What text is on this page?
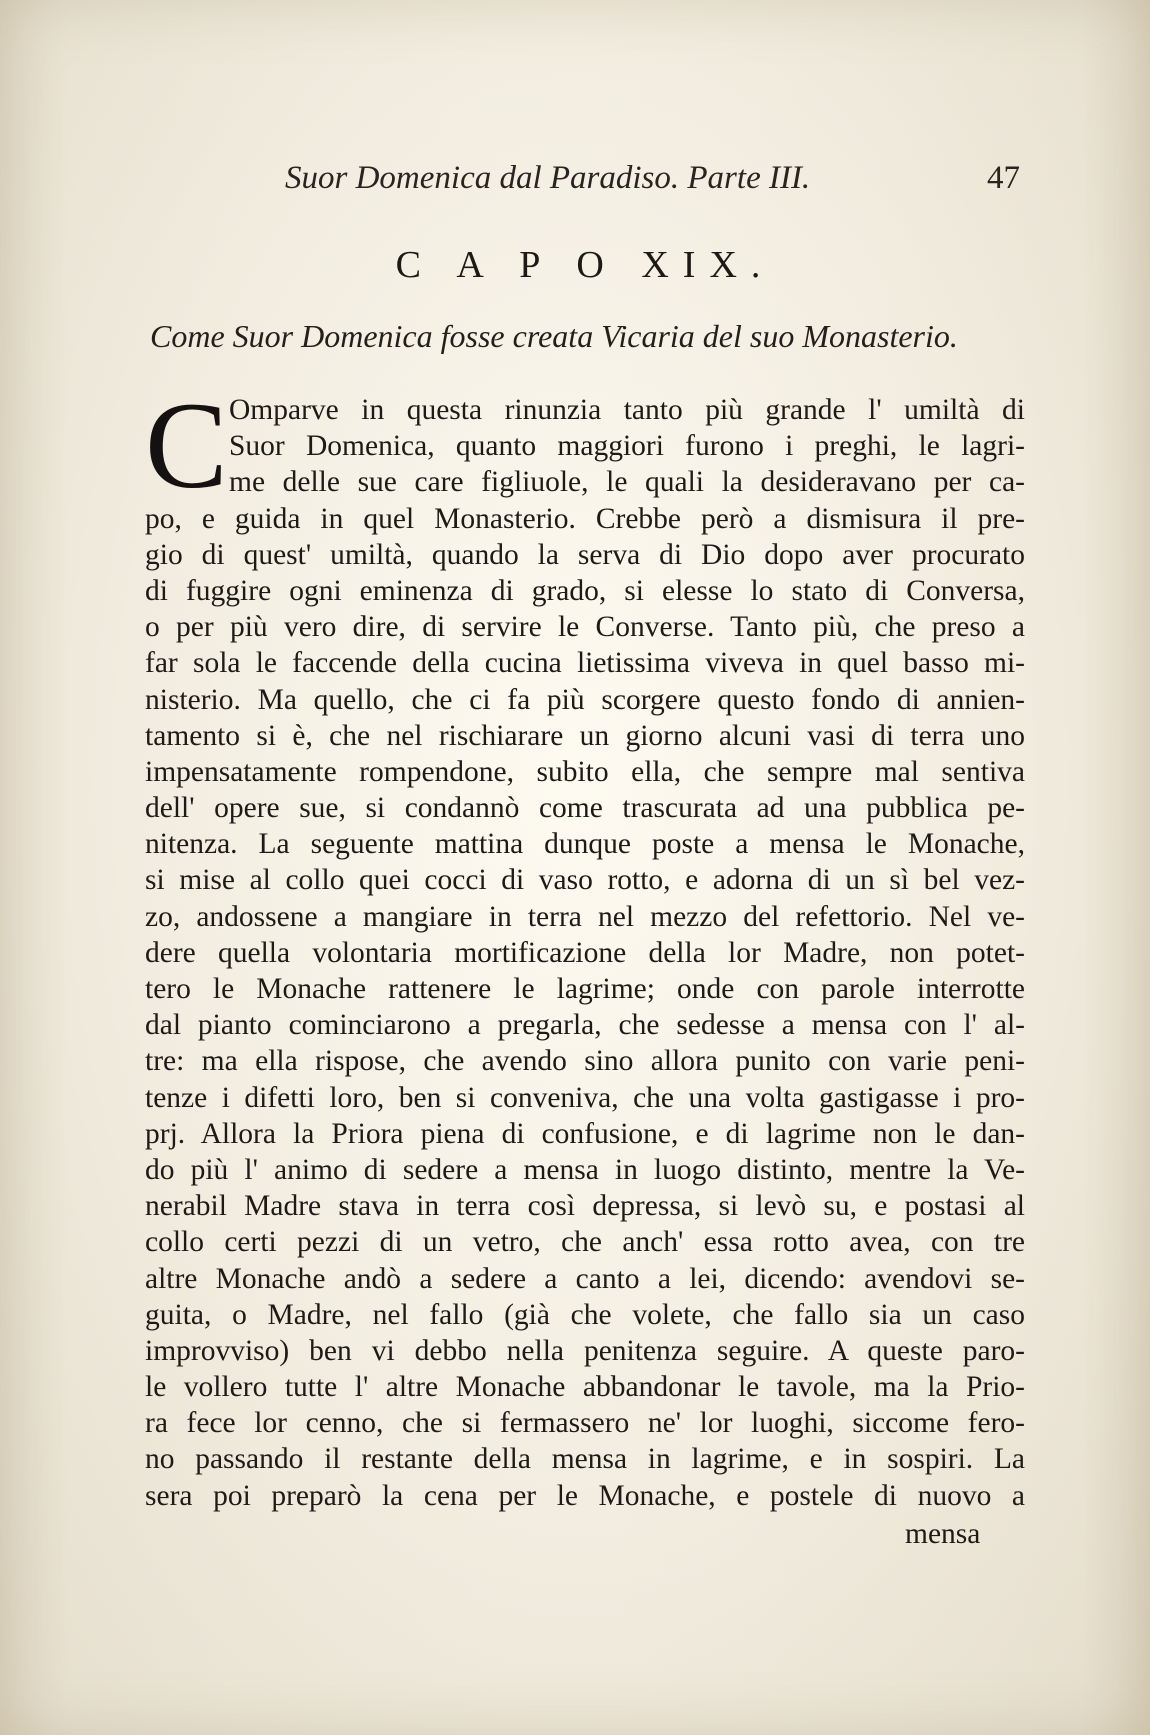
Suor Domenica dal Paradiso. Parte III.	47
C A P O XIX.
Come Suor Domenica fosse creata Vicaria del suo Monasterio.
C Omparve in questa rinunzia tanto più grande l' umiltà di
Suor Domenica, quanto maggiori furono i preghi, le lagri-
me delle sue care figliuole, le quali la desideravano per ca-
po, e guida in quel Monasterio. Crebbe però a dismisura il pre-
gio di quest' umiltà, quando la serva di Dio dopo aver procurato
di fuggire ogni eminenza di grado, si elesse lo stato di Conversa,
o per più vero dire, di servire le Converse. Tanto più, che preso a
far sola le faccende della cucina lietissima viveva in quel basso mi-
nisterio. Ma quello, che ci fa più scorgere questo fondo di annien-
tamento si è, che nel rischiarare un giorno alcuni vasi di terra uno
impensatamente rompendone, subito ella, che sempre mal sentiva
dell' opere sue, si condannò come trascurata ad una pubblica pe-
nitenza. La seguente mattina dunque poste a mensa le Monache,
si mise al collo quei cocci di vaso rotto, e adorna di un sì bel vez-
zo, andossene a mangiare in terra nel mezzo del refettorio. Nel ve-
dere quella volontaria mortificazione della lor Madre, non potet-
tero le Monache rattenere le lagrime; onde con parole interrotte
dal pianto cominciarono a pregarla, che sedesse a mensa con l' al-
tre: ma ella rispose, che avendo sino allora punito con varie peni-
tenze i difetti loro, ben si conveniva, che una volta gastigasse i pro-
prj. Allora la Priora piena di confusione, e di lagrime non le dan-
do più l' animo di sedere a mensa in luogo distinto, mentre la Ve-
nerabil Madre stava in terra così depressa, si levò su, e postasi al
collo certi pezzi di un vetro, che anch' essa rotto avea, con tre
altre Monache andò a sedere a canto a lei, dicendo: avendovi se-
guita, o Madre, nel fallo (già che volete, che fallo sia un caso
improvviso) ben vi debbo nella penitenza seguire. A queste paro-
le vollero tutte l' altre Monache abbandonar le tavole, ma la Prio-
ra fece lor cenno, che si fermassero ne' lor luoghi, siccome fero-
no passando il restante della mensa in lagrime, e in sospiri. La
sera poi preparò la cena per le Monache, e postele di nuovo a
mensa
